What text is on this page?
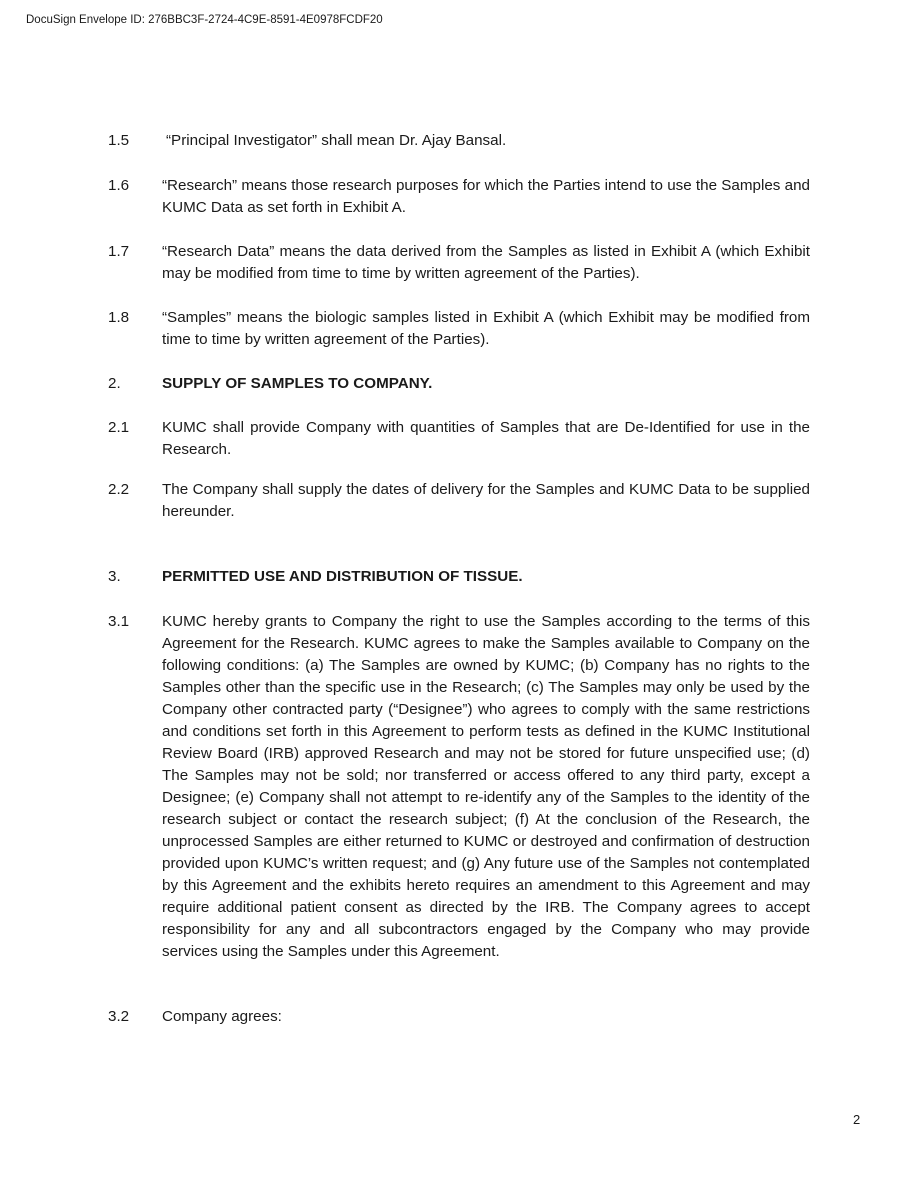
DocuSign Envelope ID: 276BBC3F-2724-4C9E-8591-4E0978FCDF20
1.5	“Principal Investigator” shall mean Dr. Ajay Bansal.
1.6	“Research” means those research purposes for which the Parties intend to use the Samples and KUMC Data as set forth in Exhibit A.
1.7	“Research Data” means the data derived from the Samples as listed in Exhibit A (which Exhibit may be modified from time to time by written agreement of the Parties).
1.8	“Samples” means the biologic samples listed in Exhibit A (which Exhibit may be modified from time to time by written agreement of the Parties).
2.	SUPPLY OF SAMPLES TO COMPANY.
2.1	KUMC shall provide Company with quantities of Samples that are De-Identified for use in the Research.
2.2	The Company shall supply the dates of delivery for the Samples and KUMC Data to be supplied hereunder.
3.	PERMITTED USE AND DISTRIBUTION OF TISSUE.
3.1	KUMC hereby grants to Company the right to use the Samples according to the terms of this Agreement for the Research. KUMC agrees to make the Samples available to Company on the following conditions: (a) The Samples are owned by KUMC; (b) Company has no rights to the Samples other than the specific use in the Research; (c) The Samples may only be used by the Company other contracted party (“Designee”) who agrees to comply with the same restrictions and conditions set forth in this Agreement to perform tests as defined in the KUMC Institutional Review Board (IRB) approved Research and may not be stored for future unspecified use; (d) The Samples may not be sold; nor transferred or access offered to any third party, except a Designee; (e) Company shall not attempt to re-identify any of the Samples to the identity of the research subject or contact the research subject; (f) At the conclusion of the Research, the unprocessed Samples are either returned to KUMC or destroyed and confirmation of destruction provided upon KUMC’s written request; and (g) Any future use of the Samples not contemplated by this Agreement and the exhibits hereto requires an amendment to this Agreement and may require additional patient consent as directed by the IRB. The Company agrees to accept responsibility for any and all subcontractors engaged by the Company who may provide services using the Samples under this Agreement.
3.2	Company agrees:
2
